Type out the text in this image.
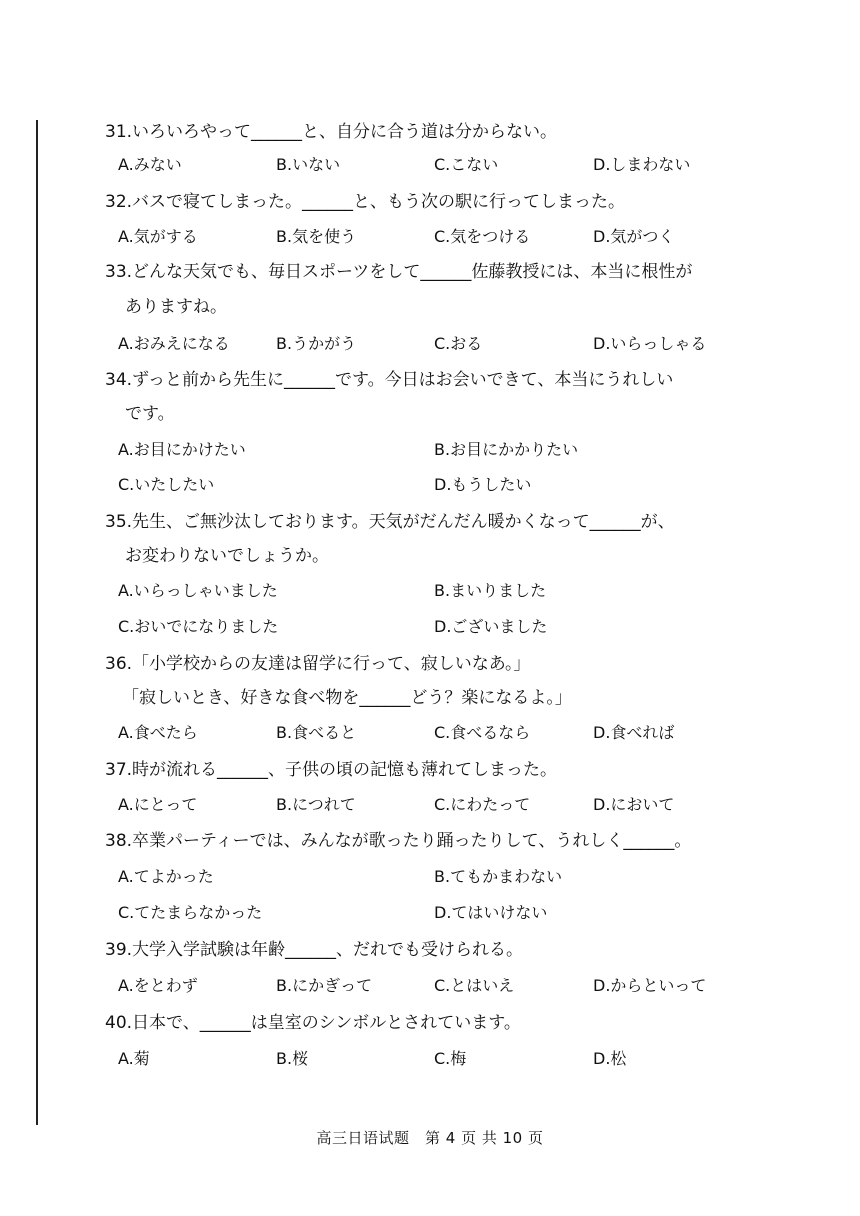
31.いろいろやって______と、自分に合う道は分からない。
A.みない	B.いない	C.こない	D.しまわない
32.バスで寝てしまった。______と、もう次の駅に行ってしまった。
A.気がする	B.気を使う	C.気をつける	D.気がつく
33.どんな天気でも、毎日スポーツをして______佐藤教授には、本当に根性が
ありますね。
A.おみえになる	B.うかがう	C.おる	D.いらっしゃる
34.ずっと前から先生に______です。今日はお会いできて、本当にうれしい
です。
A.お目にかけたい	B.お目にかかりたい
C.いたしたい	D.もうしたい
35.先生、ご無沙汰しております。天気がだんだん暖かくなって______が、
お変わりないでしょうか。
A.いらっしゃいました	B.まいりました
C.おいでになりました	D.ございました
36.「小学校からの友達は留学に行って、寂しいなあ。」
「寂しいとき、好きな食べ物を______どう？楽になるよ。」
A.食べたら	B.食べると	C.食べるなら	D.食べれば
37.時が流れる______、子供の頃の記憶も薄れてしまった。
A.にとって	B.につれて	C.にわたって	D.において
38.卒業パーティーでは、みんなが歌ったり踊ったりして、うれしく______。
A.てよかった	B.てもかまわない
C.てたまらなかった	D.てはいけない
39.大学入学試験は年齢______、だれでも受けられる。
A.をとわず	B.にかぎって	C.とはいえ	D.からといって
40.日本で、______は皇室のシンボルとされています。
A.菊	B.桜	C.梅	D.松
高三日语试题　第 4 页 共 10 页
